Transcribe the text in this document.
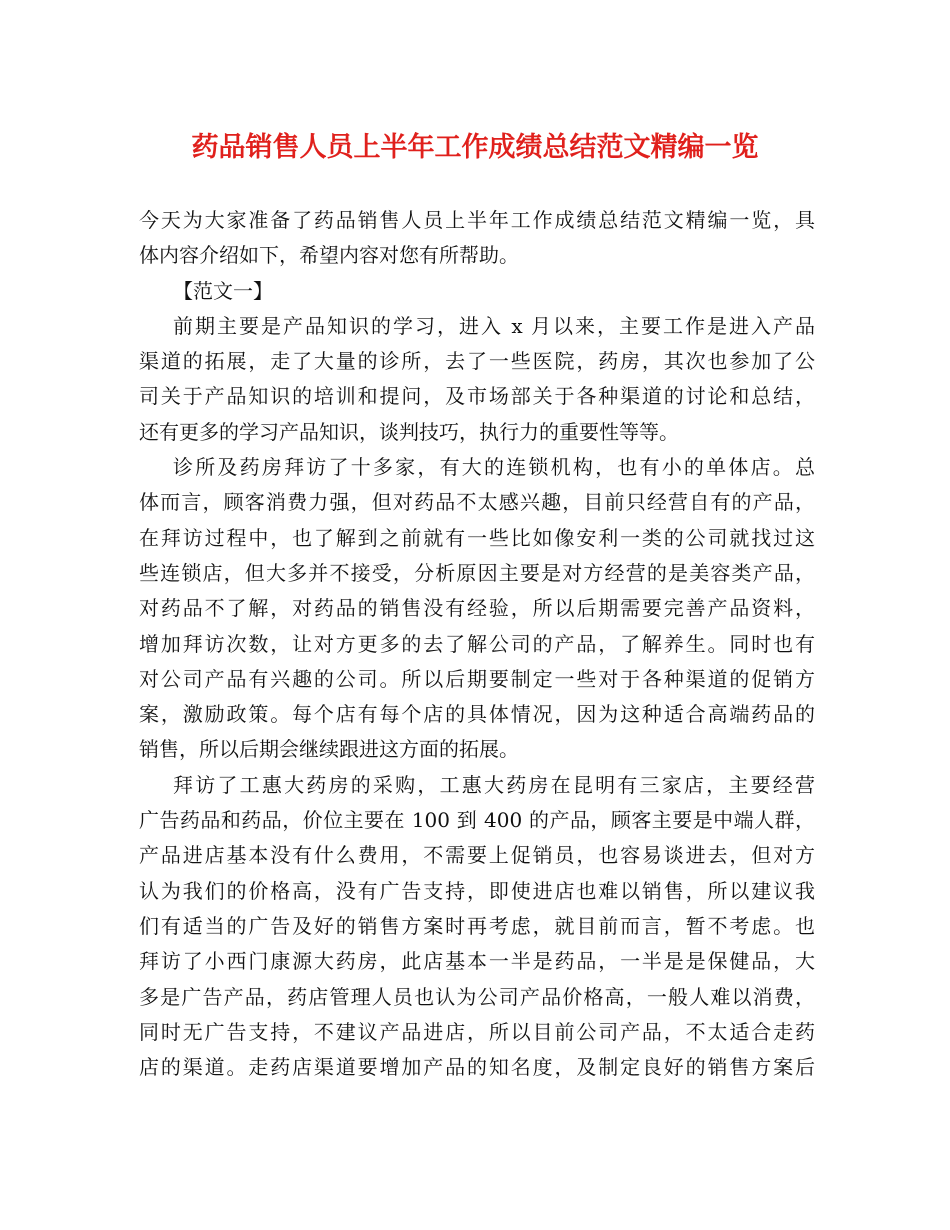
药品销售人员上半年工作成绩总结范文精编一览
今天为大家准备了药品销售人员上半年工作成绩总结范文精编一览，具
体内容介绍如下，希望内容对您有所帮助。
【范文一】
前期主要是产品知识的学习，进入 x 月以来，主要工作是进入产品
渠道的拓展，走了大量的诊所，去了一些医院，药房，其次也参加了公
司关于产品知识的培训和提问，及市场部关于各种渠道的讨论和总结，
还有更多的学习产品知识，谈判技巧，执行力的重要性等等。
诊所及药房拜访了十多家，有大的连锁机构，也有小的单体店。总
体而言，顾客消费力强，但对药品不太感兴趣，目前只经营自有的产品，
在拜访过程中，也了解到之前就有一些比如像安利一类的公司就找过这
些连锁店，但大多并不接受，分析原因主要是对方经营的是美容类产品，
对药品不了解，对药品的销售没有经验，所以后期需要完善产品资料，
增加拜访次数，让对方更多的去了解公司的产品，了解养生。同时也有
对公司产品有兴趣的公司。所以后期要制定一些对于各种渠道的促销方
案，激励政策。每个店有每个店的具体情况，因为这种适合高端药品的
销售，所以后期会继续跟进这方面的拓展。
拜访了工惠大药房的采购，工惠大药房在昆明有三家店，主要经营
广告药品和药品，价位主要在 100 到 400 的产品，顾客主要是中端人群，
产品进店基本没有什么费用，不需要上促销员，也容易谈进去，但对方
认为我们的价格高，没有广告支持，即使进店也难以销售，所以建议我
们有适当的广告及好的销售方案时再考虑，就目前而言，暂不考虑。也
拜访了小西门康源大药房，此店基本一半是药品，一半是是保健品，大
多是广告产品，药店管理人员也认为公司产品价格高，一般人难以消费，
同时无广告支持，不建议产品进店，所以目前公司产品，不太适合走药
店的渠道。走药店渠道要增加产品的知名度，及制定良好的销售方案后
